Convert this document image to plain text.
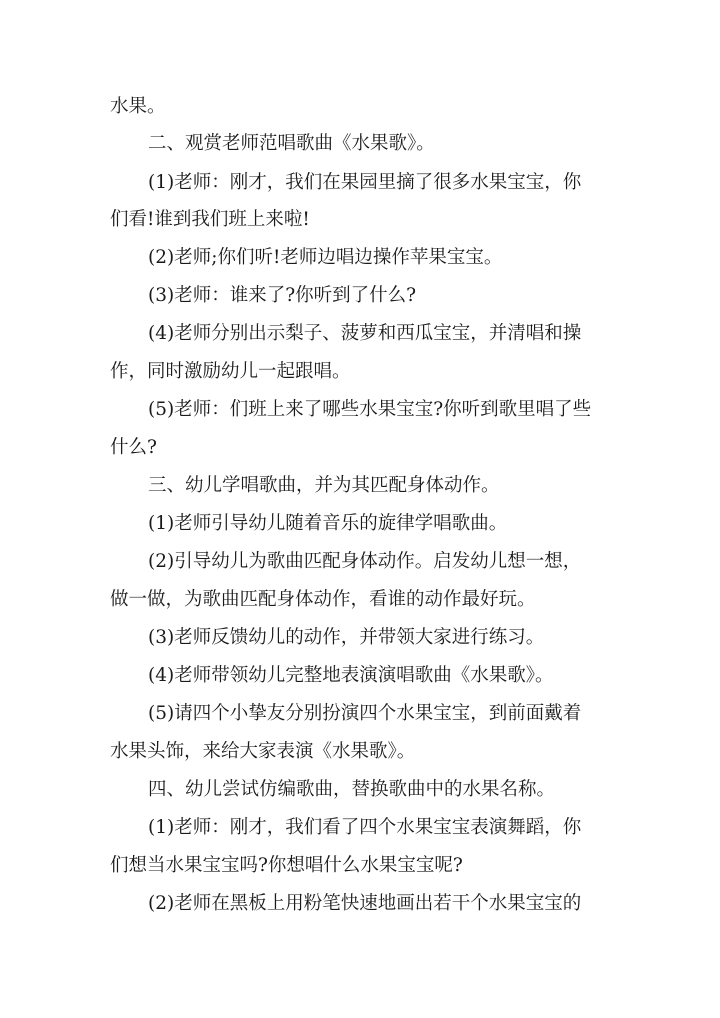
水果。
二、观赏老师范唱歌曲《水果歌》。
(1)老师：刚才，我们在果园里摘了很多水果宝宝，你
们看!谁到我们班上来啦!
(2)老师;你们听!老师边唱边操作苹果宝宝。
(3)老师：谁来了?你听到了什么?
(4)老师分别出示梨子、菠萝和西瓜宝宝，并清唱和操
作，同时激励幼儿一起跟唱。
(5)老师：们班上来了哪些水果宝宝?你听到歌里唱了些
什么?
三、幼儿学唱歌曲，并为其匹配身体动作。
(1)老师引导幼儿随着音乐的旋律学唱歌曲。
(2)引导幼儿为歌曲匹配身体动作。启发幼儿想一想，
做一做，为歌曲匹配身体动作，看谁的动作最好玩。
(3)老师反馈幼儿的动作，并带领大家进行练习。
(4)老师带领幼儿完整地表演演唱歌曲《水果歌》。
(5)请四个小挚友分别扮演四个水果宝宝，到前面戴着
水果头饰，来给大家表演《水果歌》。
四、幼儿尝试仿编歌曲，替换歌曲中的水果名称。
(1)老师：刚才，我们看了四个水果宝宝表演舞蹈，你
们想当水果宝宝吗?你想唱什么水果宝宝呢?
(2)老师在黑板上用粉笔快速地画出若干个水果宝宝的
